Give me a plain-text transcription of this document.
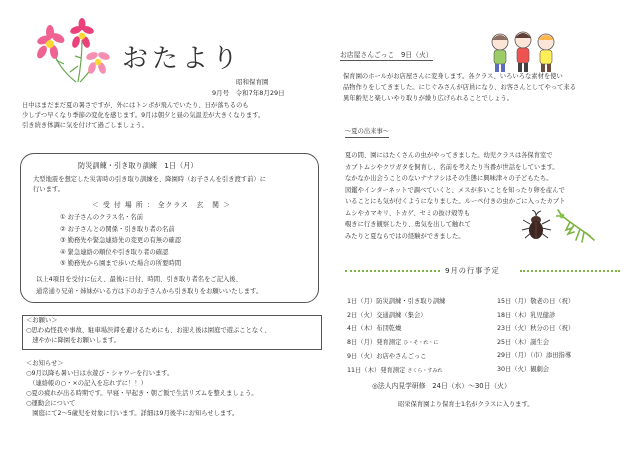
おたより
昭和保育園
9月号　令和7年8月29日
日中はまだまだ夏の暑さですが、外にはトンボが飛んでいたり、日が落ちるのも
少しずつ早くなり季節の変化を感じます。9月は朝夕と昼の気温差が大きくなります。
引き続き体調に気を付けて過ごしましょう。
防災訓練・引き取り訓練　1日（月）
大型地震を想定した災害時の引き取り訓練を、降園時（お子さんを引き渡す前）に
行います。
＜ 受 付 場 所 ： 全クラス　玄　関 ＞
① お子さんのクラス名・名前
② お子さんとの関係・引き取り者の名前
③ 勤務先や緊急連絡先の変更の有無の確認
④ 緊急連絡の順位や引き取り者の確認
⑤ 勤務先から園まで歩いた場合の所要時間
以上4項目を受付に伝え、最後に日付、時間、引き取り者名をご記入後、
通常通り兄弟・姉妹がいる方は下のお子さんから引き取りをお願いいたします。
＜お願い＞
○思わぬ怪我や事故、駐車場渋滞を避けるためにも、お迎え後は園庭で遊ぶことなく、
　速やかに降園をお願いします。
＜お知らせ＞
○9月以降も暑い日は水遊び・シャワーを行います。
　（連絡帳の○・×の記入を忘れずに！！）
○夏の疲れが出る時期です。早寝・早起き・朝ご飯で生活リズムを整えましょう。
○運動会について
　園庭にて2～5歳児を対象に行います。詳細は9月後半にお知らせします。
お店屋さんごっこ　9日（火）
保育園のホールがお店屋さんに変身します。各クラス、いろいろな素材を使い
品物作りをしてきました。にじぐみさんが店員になり、お客さんとしてやって来る
異年齢児と楽しいやり取りが繰り広げられることでしょう。
～夏の出来事～
夏の間、園にはたくさんの虫がやってきました。幼児クラスは各保育室で
カブトムシやクワガタを飼育し、名前を考えたり当番が世話をしています。
なかなか出会うことのないナナフシはその生態に興味津々の子どもたち。
図鑑やインターネットで調べていくと、メスが多いことを知ったり卵を産んで
いることにも気が付くようになりました。ルーペ付きの虫かごに入ったカブト
ムシやカマキリ、トカゲ、セミの抜け殻等も
覗きに行き観察したり、勇気を出して触れて
みたりと夏ならではの経験ができました。
9月の行事予定
1日（月）防災訓練・引き取り訓練
2日（火）交通訓練（集会）
4日（木）布団乾燥
8日（月）発育測定 ひ・そ・れ・に
9日（火）お店やさんごっこ
11日（木）発育測定 さくら・すみれ
15日（月）敬老の日（祝）
18日（木）乳児健診
23日（火）秋分の日（祝）
25日（木）誕生会
29日（月）（市）添田指導
30日（火）観劇会
◎法人内見学研修　24日（水）～30日（火）
昭栄保育園より保育士1名がクラスに入ります。
